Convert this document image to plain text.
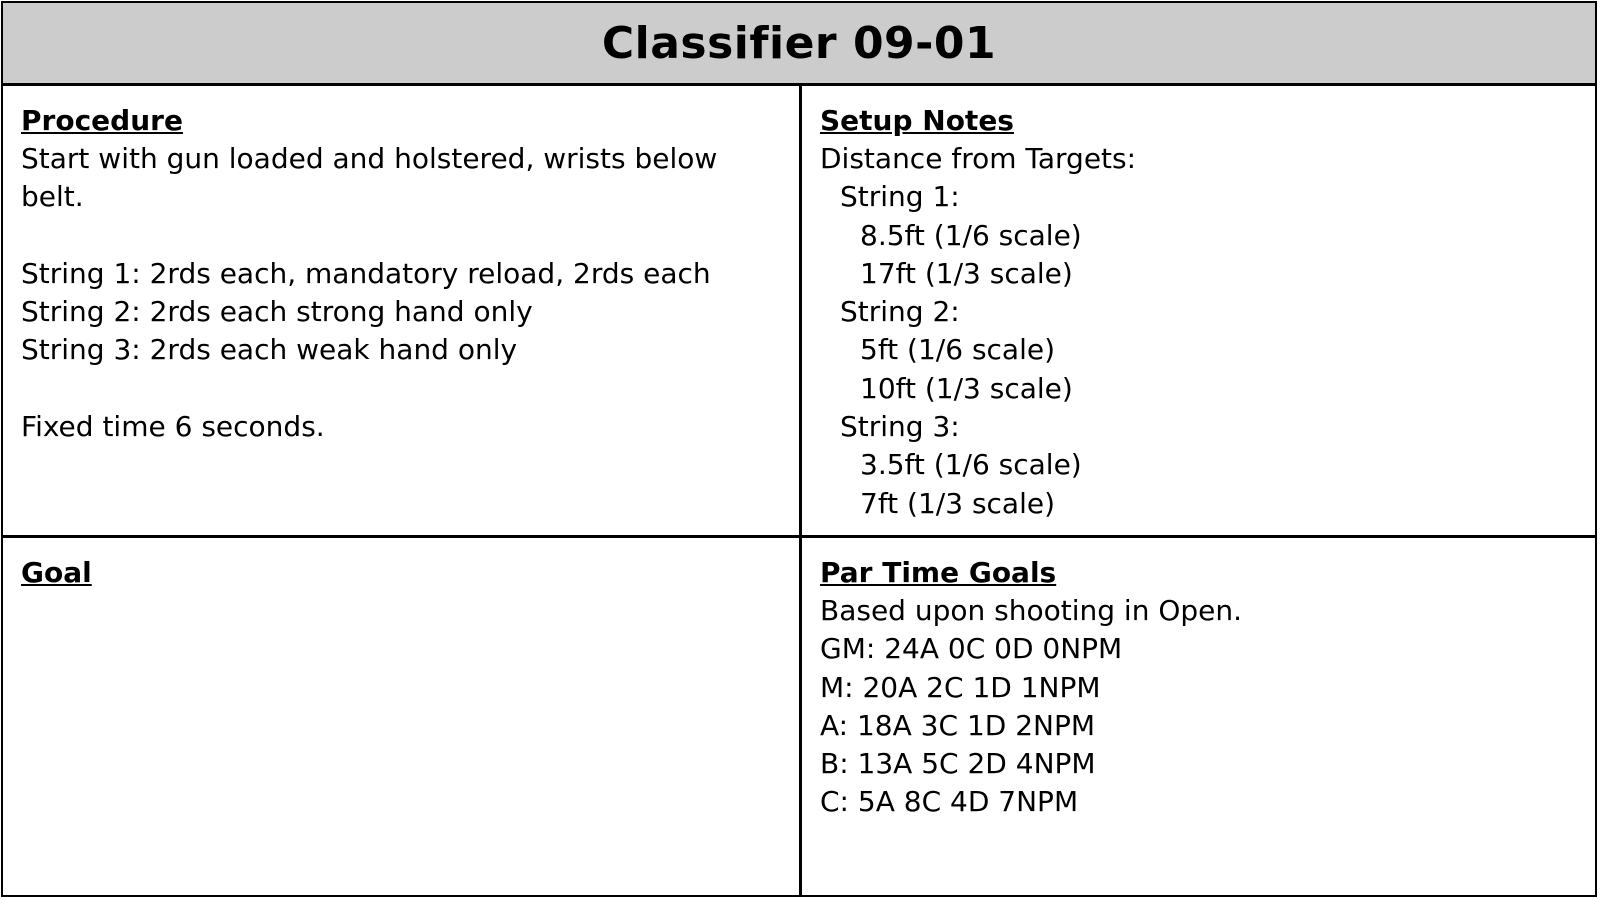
Classifier 09-01

Procedure

Start with gun loaded and holstered, wrists below belt.

String 1: 2rds each, mandatory reload, 2rds each

String 2: 2rds each strong hand only

String 3: 2rds each weak hand only

Fixed time 6 seconds.

Setup Notes

Distance from Targets:

String 1:

8.5ft (1/6 scale)

17ft (1/3 scale)

String 2:

5ft (1/6 scale)

10ft (1/3 scale)

String 3:

3.5ft (1/6 scale)

7ft (1/3 scale)

Goal	Par Time Goals

Based upon shooting in Open.

GM: 24A 0C 0D 0NPM

M: 20A 2C 1D 1NPM

A: 18A 3C 1D 2NPM

B: 13A 5C 2D 4NPM

C: 5A 8C 4D 7NPM
